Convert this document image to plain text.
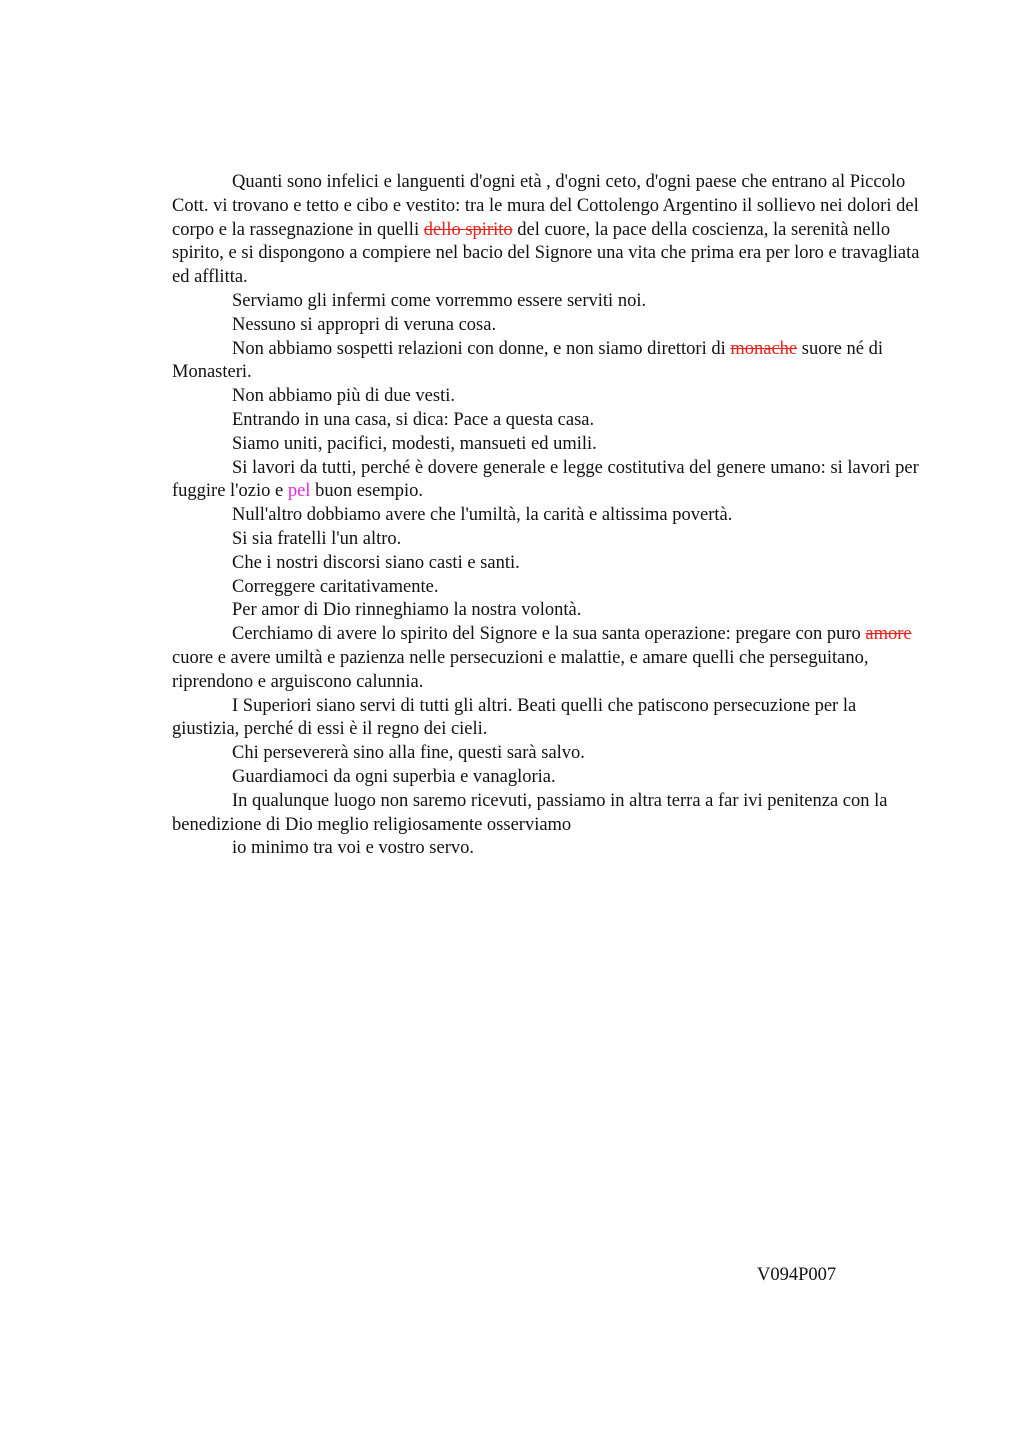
Quanti sono infelici e languenti d'ogni età , d'ogni ceto, d'ogni paese che entrano al Piccolo Cott. vi trovano e tetto e cibo e vestito: tra le mura del Cottolengo Argentino il sollievo nei dolori del corpo e la rassegnazione in quelli dello spirito del cuore, la pace della coscienza, la serenità nello spirito, e si dispongono a compiere nel bacio del Signore una vita che prima era per loro e travagliata ed afflitta.

Serviamo gli infermi come vorremmo essere serviti noi.

Nessuno si appropri di veruna cosa.

Non abbiamo sospetti relazioni con donne, e non siamo direttori di monache suore né di Monasteri.

Non abbiamo più di due vesti.

Entrando in una casa, si dica: Pace a questa casa.

Siamo uniti, pacifici, modesti, mansueti ed umili.

Si lavori da tutti, perché è dovere generale e legge costitutiva del genere umano: si lavori per fuggire l'ozio e pel buon esempio.

Null'altro dobbiamo avere che l'umiltà, la carità e altissima povertà.

Si sia fratelli l'un altro.

Che i nostri discorsi siano casti e santi.

Correggere caritativamente.

Per amor di Dio rinneghiamo la nostra volontà.

Cerchiamo di avere lo spirito del Signore e la sua santa operazione: pregare con puro amore cuore e avere umiltà e pazienza nelle persecuzioni e malattie, e amare quelli che perseguitano, riprendono e arguiscono calunnia.

I Superiori siano servi di tutti gli altri. Beati quelli che patiscono persecuzione per la giustizia, perché di essi è il regno dei cieli.

Chi persevererà sino alla fine, questi sarà salvo.

Guardiamoci da ogni superbia e vanagloria.

In qualunque luogo non saremo ricevuti, passiamo in altra terra a far ivi penitenza con la benedizione di Dio meglio religiosamente osserviamo

io minimo tra voi e vostro servo.

V094P007
